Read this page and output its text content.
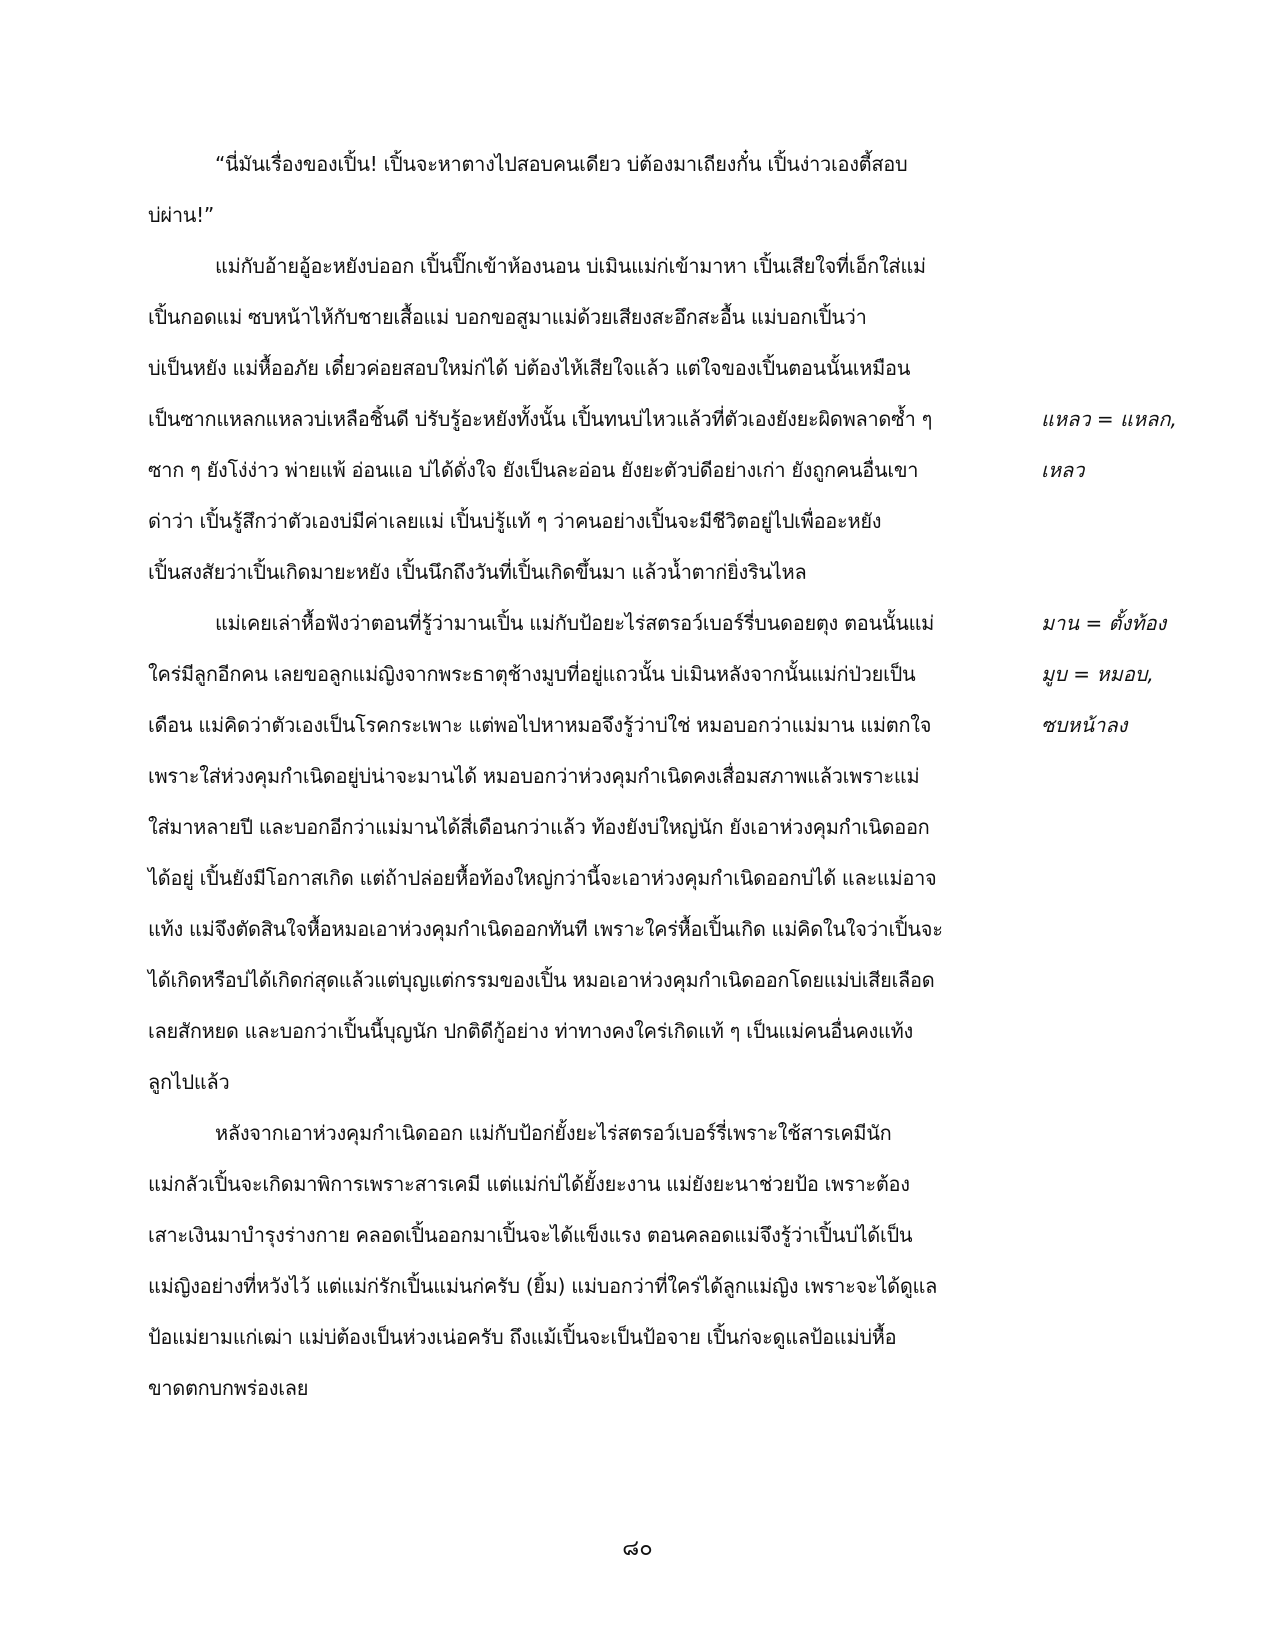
“นี่มันเรื่องของเปิ้น! เปิ้นจะหาตางไปสอบคนเดียว บ่ต้องมาเถียงกั๋น เปิ้นง่าวเองตี้สอบ
บ่ผ่าน!”
แม่กับอ้ายอู้อะหยังบ่ออก เปิ้นปิ๊กเข้าห้องนอน บ่เมินแม่ก่เข้ามาหา เปิ้นเสียใจที่เอ็กใส่แม่
เปิ้นกอดแม่ ซบหน้าไห้กับชายเสื้อแม่ บอกขอสูมาแม่ด้วยเสียงสะอึกสะอื้น แม่บอกเปิ้นว่า
บ่เป็นหยัง แม่หื้ออภัย เดี๋ยวค่อยสอบใหม่ก่ได้ บ่ต้องไห้เสียใจแล้ว แต่ใจของเปิ้นตอนนั้นเหมือน
เป็นซากแหลกแหลวบ่เหลือชิ้นดี บ่รับรู้อะหยังทั้งนั้น เปิ้นทนบ่ไหวแล้วที่ตัวเองยังยะผิดพลาดซ้ำ ๆ
ซาก ๆ ยังโง่ง่าว พ่ายแพ้ อ่อนแอ บ่ได้ดั่งใจ ยังเป็นละอ่อน ยังยะตัวบ่ดีอย่างเก่า ยังถูกคนอื่นเขา
ด่าว่า เปิ้นรู้สึกว่าตัวเองบ่มีค่าเลยแม่ เปิ้นบ่รู้แท้ ๆ ว่าคนอย่างเปิ้นจะมีชีวิตอยู่ไปเพื่ออะหยัง
เปิ้นสงสัยว่าเปิ้นเกิดมายะหยัง เปิ้นนึกถึงวันที่เปิ้นเกิดขึ้นมา แล้วน้ำตาก่ยิ่งรินไหล
แม่เคยเล่าหื้อฟังว่าตอนที่รู้ว่ามานเปิ้น แม่กับป้อยะไร่สตรอว์เบอร์รี่บนดอยตุง ตอนนั้นแม่
ใคร่มีลูกอีกคน เลยขอลูกแม่ญิงจากพระธาตุช้างมูบที่อยู่แถวนั้น บ่เมินหลังจากนั้นแม่ก่ป่วยเป็น
เดือน แม่คิดว่าตัวเองเป็นโรคกระเพาะ แต่พอไปหาหมอจึงรู้ว่าบ่ใช่ หมอบอกว่าแม่มาน แม่ตกใจ
เพราะใส่ห่วงคุมกำเนิดอยู่บ่น่าจะมานได้ หมอบอกว่าห่วงคุมกำเนิดคงเสื่อมสภาพแล้วเพราะแม่
ใส่มาหลายปี และบอกอีกว่าแม่มานได้สี่เดือนกว่าแล้ว ท้องยังบ่ใหญ่นัก ยังเอาห่วงคุมกำเนิดออก
ได้อยู่ เปิ้นยังมีโอกาสเกิด แต่ถ้าปล่อยหื้อท้องใหญ่กว่านี้จะเอาห่วงคุมกำเนิดออกบ่ได้ และแม่อาจ
แท้ง แม่จึงตัดสินใจหื้อหมอเอาห่วงคุมกำเนิดออกทันที เพราะใคร่หื้อเปิ้นเกิด แม่คิดในใจว่าเปิ้นจะ
ได้เกิดหรือบ่ได้เกิดก่สุดแล้วแต่บุญแต่กรรมของเปิ้น หมอเอาห่วงคุมกำเนิดออกโดยแม่บ่เสียเลือด
เลยสักหยด และบอกว่าเปิ้นนี้บุญนัก ปกติดีกู้อย่าง ท่าทางคงใคร่เกิดแท้ ๆ เป็นแม่คนอื่นคงแท้ง
ลูกไปแล้ว
หลังจากเอาห่วงคุมกำเนิดออก แม่กับป้อก่ยั้งยะไร่สตรอว์เบอร์รี่เพราะใช้สารเคมีนัก
แม่กลัวเปิ้นจะเกิดมาพิการเพราะสารเคมี แต่แม่ก่บ่ได้ยั้งยะงาน แม่ยังยะนาช่วยป้อ เพราะต้อง
เสาะเงินมาบำรุงร่างกาย คลอดเปิ้นออกมาเปิ้นจะได้แข็งแรง ตอนคลอดแม่จึงรู้ว่าเปิ้นบ่ได้เป็น
แม่ญิงอย่างที่หวังไว้ แต่แม่ก่รักเปิ้นแม่นก่ครับ (ยิ้ม) แม่บอกว่าที่ใคร่ได้ลูกแม่ญิง เพราะจะได้ดูแล
ป้อแม่ยามแก่เฒ่า แม่บ่ต้องเป็นห่วงเน่อครับ ถึงแม้เปิ้นจะเป็นป้อจาย เปิ้นก่จะดูแลป้อแม่บ่หื้อ
ขาดตกบกพร่องเลย
แหลว = แหลก,
เหลว
มาน = ตั้งท้อง
มูบ = หมอบ,
ซบหน้าลง
๘๐
